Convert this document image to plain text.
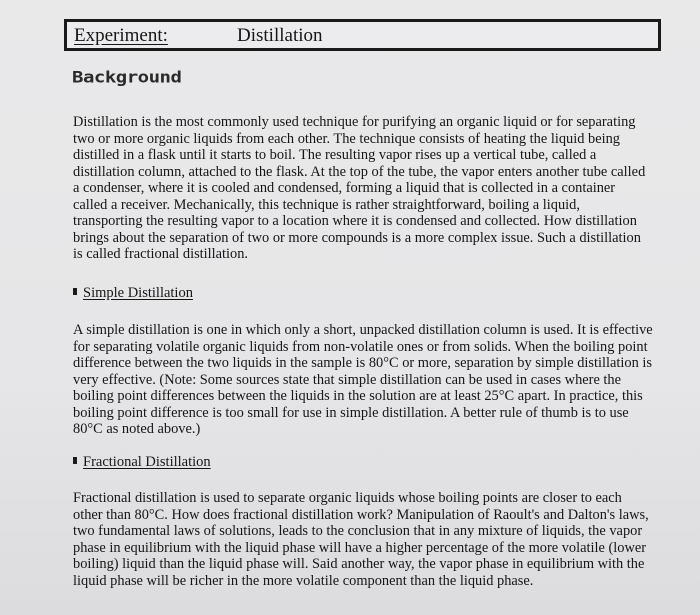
Experiment:	Distillation
Background

Distillation is the most commonly used technique for purifying an organic liquid or for separating two or more organic liquids from each other. The technique consists of heating the liquid being distilled in a flask until it starts to boil. The resulting vapor rises up a vertical tube, called a distillation column, attached to the flask. At the top of the tube, the vapor enters another tube called a condenser, where it is cooled and condensed, forming a liquid that is collected in a container called a receiver. Mechanically, this technique is rather straightforward, boiling a liquid, transporting the resulting vapor to a location where it is condensed and collected. How distillation brings about the separation of two or more compounds is a more complex issue. Such a distillation is called fractional distillation.

Simple Distillation

A simple distillation is one in which only a short, unpacked distillation column is used. It is effective for separating volatile organic liquids from non-volatile ones or from solids. When the boiling point difference between the two liquids in the sample is 80°C or more, separation by simple distillation is very effective. (Note: Some sources state that simple distillation can be used in cases where the boiling point differences between the liquids in the solution are at least 25°C apart. In practice, this boiling point difference is too small for use in simple distillation. A better rule of thumb is to use 80°C as noted above.)

Fractional Distillation

Fractional distillation is used to separate organic liquids whose boiling points are closer to each other than 80°C. How does fractional distillation work? Manipulation of Raoult's and Dalton's laws, two fundamental laws of solutions, leads to the conclusion that in any mixture of liquids, the vapor phase in equilibrium with the liquid phase will have a higher percentage of the more volatile (lower boiling) liquid than the liquid phase will. Said another way, the vapor phase in equilibrium with the liquid phase will be richer in the more volatile component than the liquid phase.
